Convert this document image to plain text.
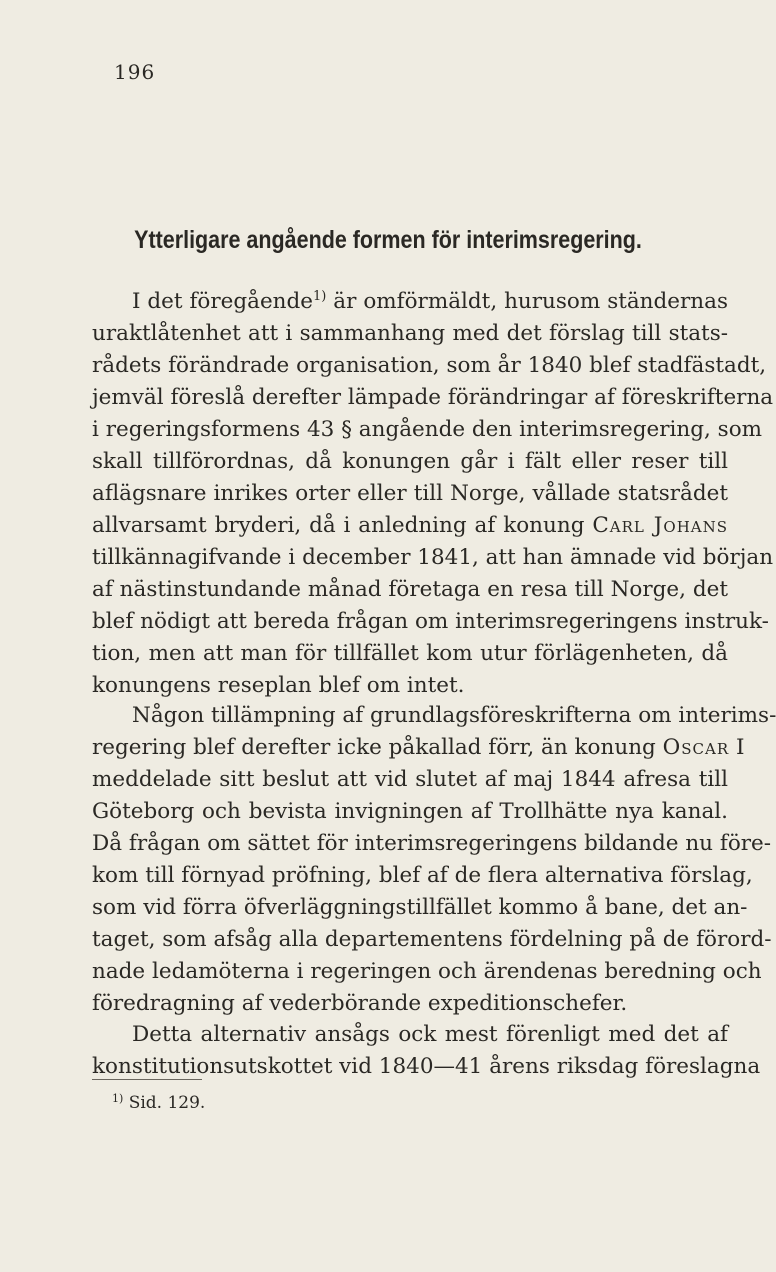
196
Ytterligare angående formen för interimsregering.
I det föregående$^{1)}$ är omförmäldt, hurusom ständernas
uraktlåtenhet att i sammanhang med det förslag till stats-
rådets förändrade organisation, som år 1840 blef stadfästadt,
jemväl föreslå derefter lämpade förändringar af föreskrifterna
i regeringsformens 43 § angående den interimsregering, som
skall tillförordnas, då konungen går i fält eller reser till
aflägsnare inrikes orter eller till Norge, vållade statsrådet
allvarsamt bryderi, då i anledning af konung Carl Johans
tillkännagifvande i december 1841, att han ämnade vid början
af nästinstundande månad företaga en resa till Norge, det
blef nödigt att bereda frågan om interimsregeringens instruk-
tion, men att man för tillfället kom utur förlägenheten, då
konungens reseplan blef om intet.
Någon tillämpning af grundlagsföreskrifterna om interims-
regering blef derefter icke påkallad förr, än konung Oscar I
meddelade sitt beslut att vid slutet af maj 1844 afresa till
Göteborg och bevista invigningen af Trollhätte nya kanal.
Då frågan om sättet för interimsregeringens bildande nu före-
kom till förnyad pröfning, blef af de flera alternativa förslag,
som vid förra öfverläggningstillfället kommo å bane, det an-
taget, som afsåg alla departementens fördelning på de förord-
nade ledamöterna i regeringen och ärendenas beredning och
föredragning af vederbörande expeditionschefer.
Detta alternativ ansågs ock mest förenligt med det af
konstitutionsutskottet vid 1840—41 årens riksdag föreslagna
$^{1)}$ Sid. 129.
